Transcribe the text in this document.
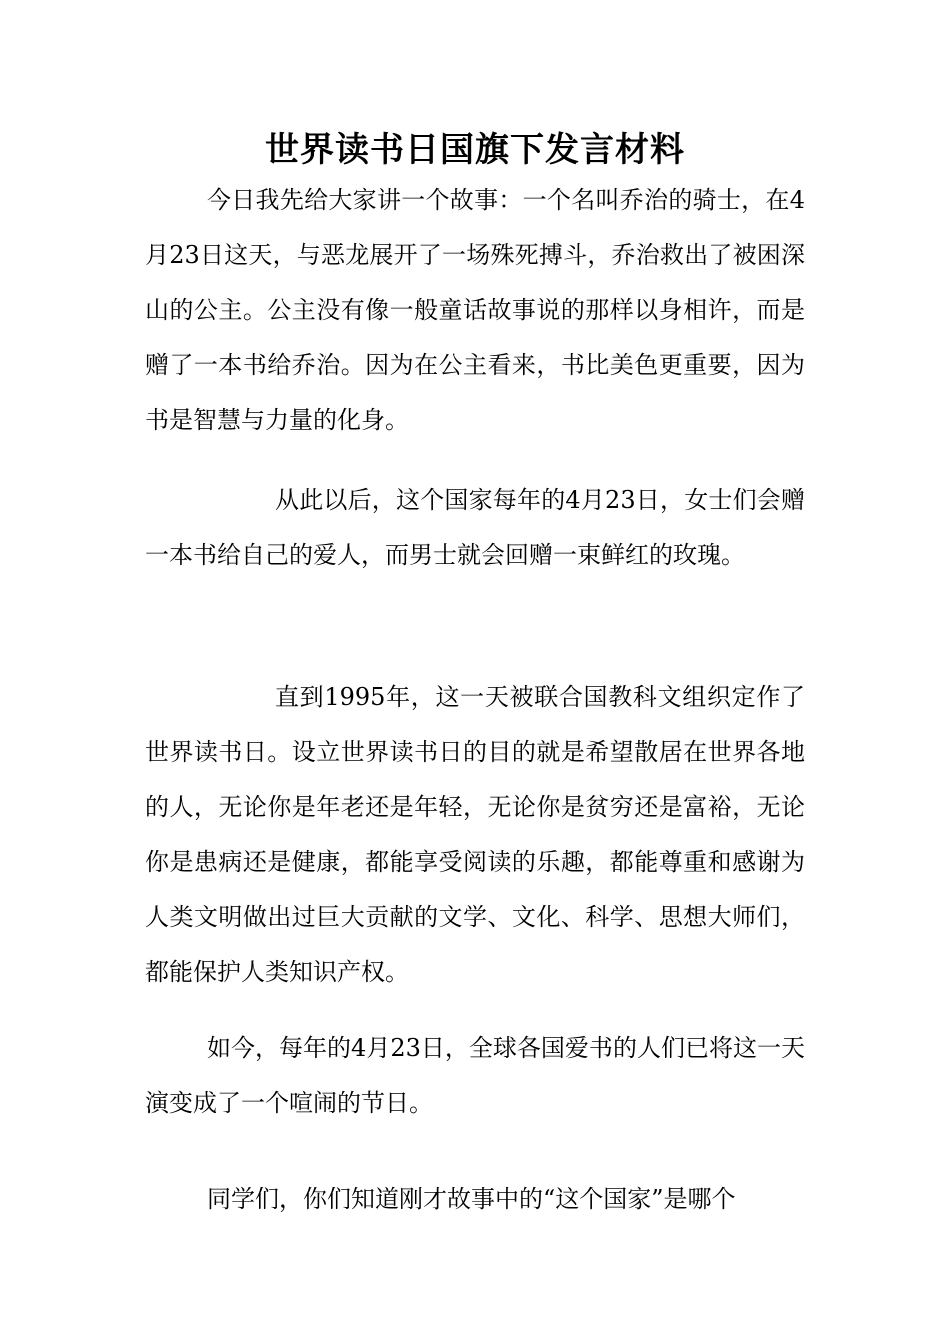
世界读书日国旗下发言材料

今日我先给大家讲一个故事：一个名叫乔治的骑士，在4月23日这天，与恶龙展开了一场殊死搏斗，乔治救出了被困深山的公主。公主没有像一般童话故事说的那样以身相许，而是赠了一本书给乔治。因为在公主看来，书比美色更重要，因为书是智慧与力量的化身。

从此以后，这个国家每年的4月23日，女士们会赠一本书给自己的爱人，而男士就会回赠一束鲜红的玫瑰。

直到1995年，这一天被联合国教科文组织定作了世界读书日。设立世界读书日的目的就是希望散居在世界各地的人，无论你是年老还是年轻，无论你是贫穷还是富裕，无论你是患病还是健康，都能享受阅读的乐趣，都能尊重和感谢为人类文明做出过巨大贡献的文学、文化、科学、思想大师们，都能保护人类知识产权。

如今，每年的4月23日，全球各国爱书的人们已将这一天演变成了一个喧闹的节日。

同学们，你们知道刚才故事中的“这个国家”是哪个
